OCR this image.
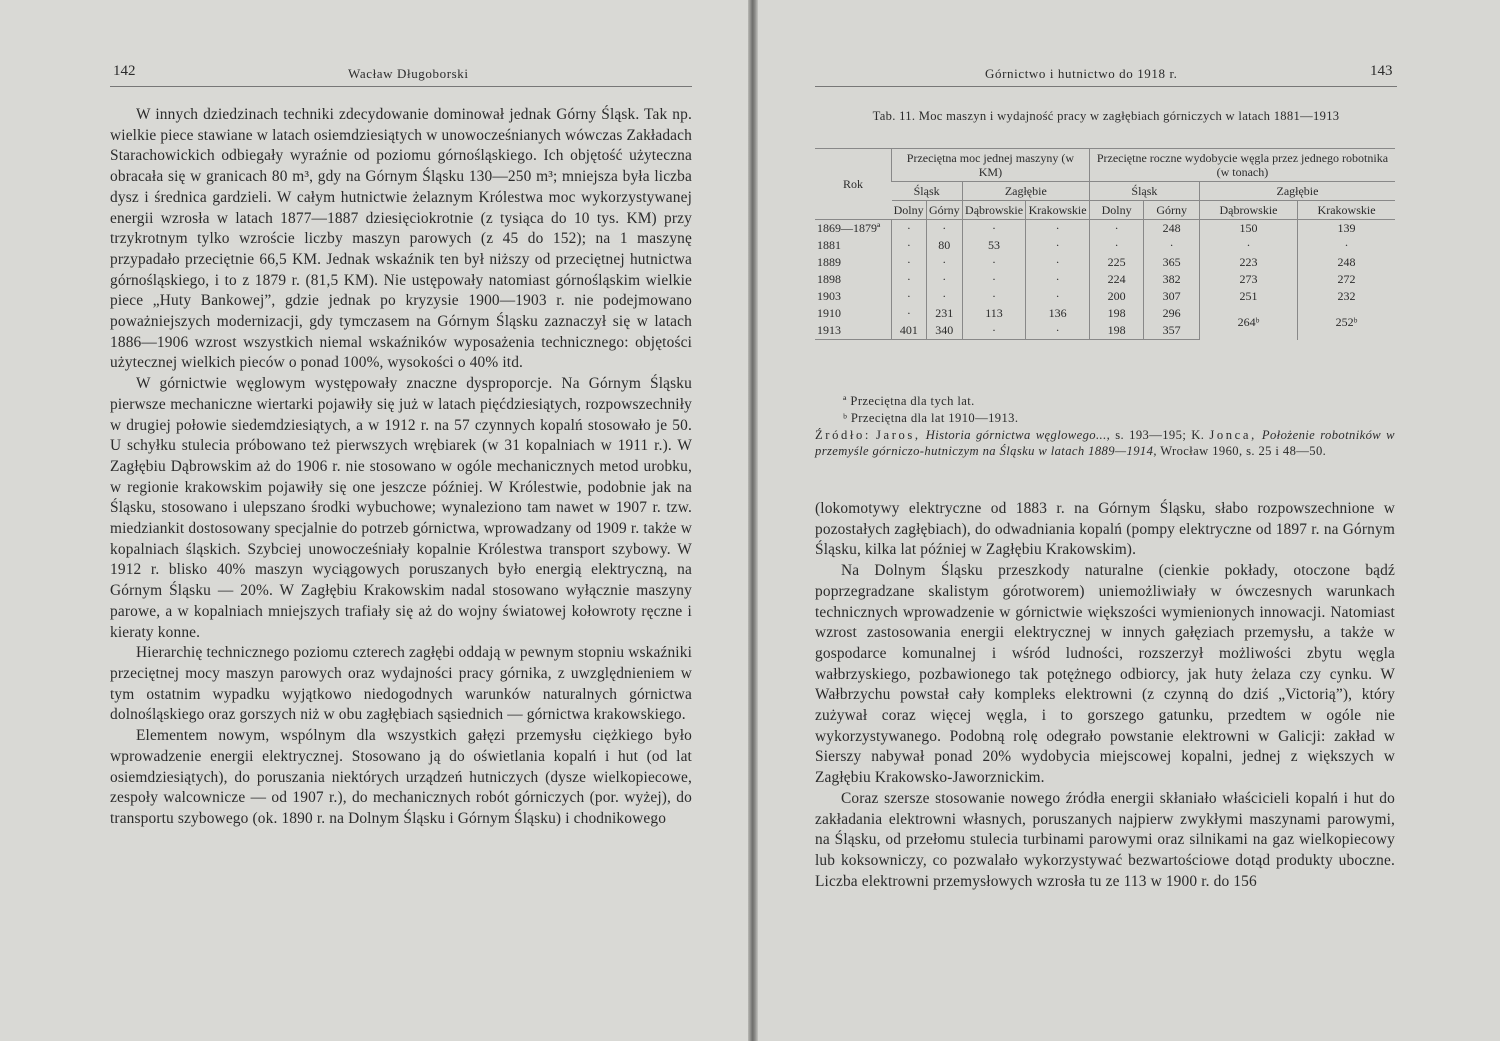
142	Wacław Długoborski

W innych dziedzinach techniki zdecydowanie dominował jednak Górny Śląsk. Tak np. wielkie piece stawiane w latach osiemdziesiątych w unowocześnianych wówczas Zakładach Starachowickich odbiegały wyraźnie od poziomu górnośląskiego. Ich objętość użyteczna obracała się w granicach 80 m³, gdy na Górnym Śląsku 130—250 m³; mniejsza była liczba dysz i średnica gardzieli. W całym hutnictwie żelaznym Królestwa moc wykorzystywanej energii wzrosła w latach 1877—1887 dziesięciokrotnie (z tysiąca do 10 tys. KM) przy trzykrotnym tylko wzroście liczby maszyn parowych (z 45 do 152); na 1 maszynę przypadało przeciętnie 66,5 KM. Jednak wskaźnik ten był niższy od przeciętnej hutnictwa górnośląskiego, i to z 1879 r. (81,5 KM). Nie ustępowały natomiast górnośląskim wielkie piece „Huty Bankowej”, gdzie jednak po kryzysie 1900—1903 r. nie podejmowano poważniejszych modernizacji, gdy tymczasem na Górnym Śląsku zaznaczył się w latach 1886—1906 wzrost wszystkich niemal wskaźników wyposażenia technicznego: objętości użytecznej wielkich pieców o ponad 100%, wysokości o 40% itd.

W górnictwie węglowym występowały znaczne dysproporcje. Na Górnym Śląsku pierwsze mechaniczne wiertarki pojawiły się już w latach pięćdziesiątych, rozpowszechniły w drugiej połowie siedemdziesiątych, a w 1912 r. na 57 czynnych kopalń stosowało je 50. U schyłku stulecia próbowano też pierwszych wrębiarek (w 31 kopalniach w 1911 r.). W Zagłębiu Dąbrowskim aż do 1906 r. nie stosowano w ogóle mechanicznych metod urobku, w regionie krakowskim pojawiły się one jeszcze później. W Królestwie, podobnie jak na Śląsku, stosowano i ulepszano środki wybuchowe; wynaleziono tam nawet w 1907 r. tzw. miedziankit dostosowany specjalnie do potrzeb górnictwa, wprowadzany od 1909 r. także w kopalniach śląskich. Szybciej unowocześniały kopalnie Królestwa transport szybowy. W 1912 r. blisko 40% maszyn wyciągowych poruszanych było energią elektryczną, na Górnym Śląsku — 20%. W Zagłębiu Krakowskim nadal stosowano wyłącznie maszyny parowe, a w kopalniach mniejszych trafiały się aż do wojny światowej kołowroty ręczne i kieraty konne.

Hierarchię technicznego poziomu czterech zagłębi oddają w pewnym stopniu wskaźniki przeciętnej mocy maszyn parowych oraz wydajności pracy górnika, z uwzględnieniem w tym ostatnim wypadku wyjątkowo niedogodnych warunków naturalnych górnictwa dolnośląskiego oraz gorszych niż w obu zagłębiach sąsiednich — górnictwa krakowskiego.

Elementem nowym, wspólnym dla wszystkich gałęzi przemysłu ciężkiego było wprowadzenie energii elektrycznej. Stosowano ją do oświetlania kopalń i hut (od lat osiemdziesiątych), do poruszania niektórych urządzeń hutniczych (dysze wielkopiecowe, zespoły walcownicze — od 1907 r.), do mechanicznych robót górniczych (por. wyżej), do transportu szybowego (ok. 1890 r. na Dolnym Śląsku i Górnym Śląsku) i chodnikowego

Górnictwo i hutnictwo do 1918 r.	143
Tab. 11. Moc maszyn i wydajność pracy w zagłębiach górniczych w latach 1881—1913
Rok	Przeciętna moc jednej maszyny (w KM)				Przeciętne roczne wydobycie węgla przez jednego robotnika (w tonach)			
	Śląsk		Zagłębie		Śląsk		Zagłębie	
	Dolny	Górny	Dąbrowskie	Krakowskie	Dolny	Górny	Dąbrowskie	Krakowskie
1869—1879ª	·	·	·	·	·	248	150	139
1881	·	80	53	·	·	·	·	·
1889	·	·	·	·	225	365	223	248
1898	·	·	·	·	224	382	273	272
1903	·	·	·	·	200	307	251	232
1910	·	231	113	136	198	296	264ᵇ	252ᵇ
1913	401	340	·	·	198	357		
ª Przeciętna dla tych lat.
ᵇ Przeciętna dla lat 1910—1913.
Źródło: Jaros, Historia górnictwa węglowego..., s. 193—195; K. Jonca, Położenie robotników w przemyśle górniczo-hutniczym na Śląsku w latach 1889—1914, Wrocław 1960, s. 25 i 48—50.

(lokomotywy elektryczne od 1883 r. na Górnym Śląsku, słabo rozpowszechnione w pozostałych zagłębiach), do odwadniania kopalń (pompy elektryczne od 1897 r. na Górnym Śląsku, kilka lat później w Zagłębiu Krakowskim).

Na Dolnym Śląsku przeszkody naturalne (cienkie pokłady, otoczone bądź poprzegradzane skalistym górotworem) uniemożliwiały w ówczesnych warunkach technicznych wprowadzenie w górnictwie większości wymienionych innowacji. Natomiast wzrost zastosowania energii elektrycznej w innych gałęziach przemysłu, a także w gospodarce komunalnej i wśród ludności, rozszerzył możliwości zbytu węgla wałbrzyskiego, pozbawionego tak potężnego odbiorcy, jak huty żelaza czy cynku. W Wałbrzychu powstał cały kompleks elektrowni (z czynną do dziś „Victorią”), który zużywał coraz więcej węgla, i to gorszego gatunku, przedtem w ogóle nie wykorzystywanego. Podobną rolę odegrało powstanie elektrowni w Galicji: zakład w Sierszy nabywał ponad 20% wydobycia miejscowej kopalni, jednej z większych w Zagłębiu Krakowsko-Jaworznickim.

Coraz szersze stosowanie nowego źródła energii skłaniało właścicieli kopalń i hut do zakładania elektrowni własnych, poruszanych najpierw zwykłymi maszynami parowymi, na Śląsku, od przełomu stulecia turbinami parowymi oraz silnikami na gaz wielkopiecowy lub koksowniczy, co pozwalało wykorzystywać bezwartościowe dotąd produkty uboczne. Liczba elektrowni przemysłowych wzrosła tu ze 113 w 1900 r. do 156
